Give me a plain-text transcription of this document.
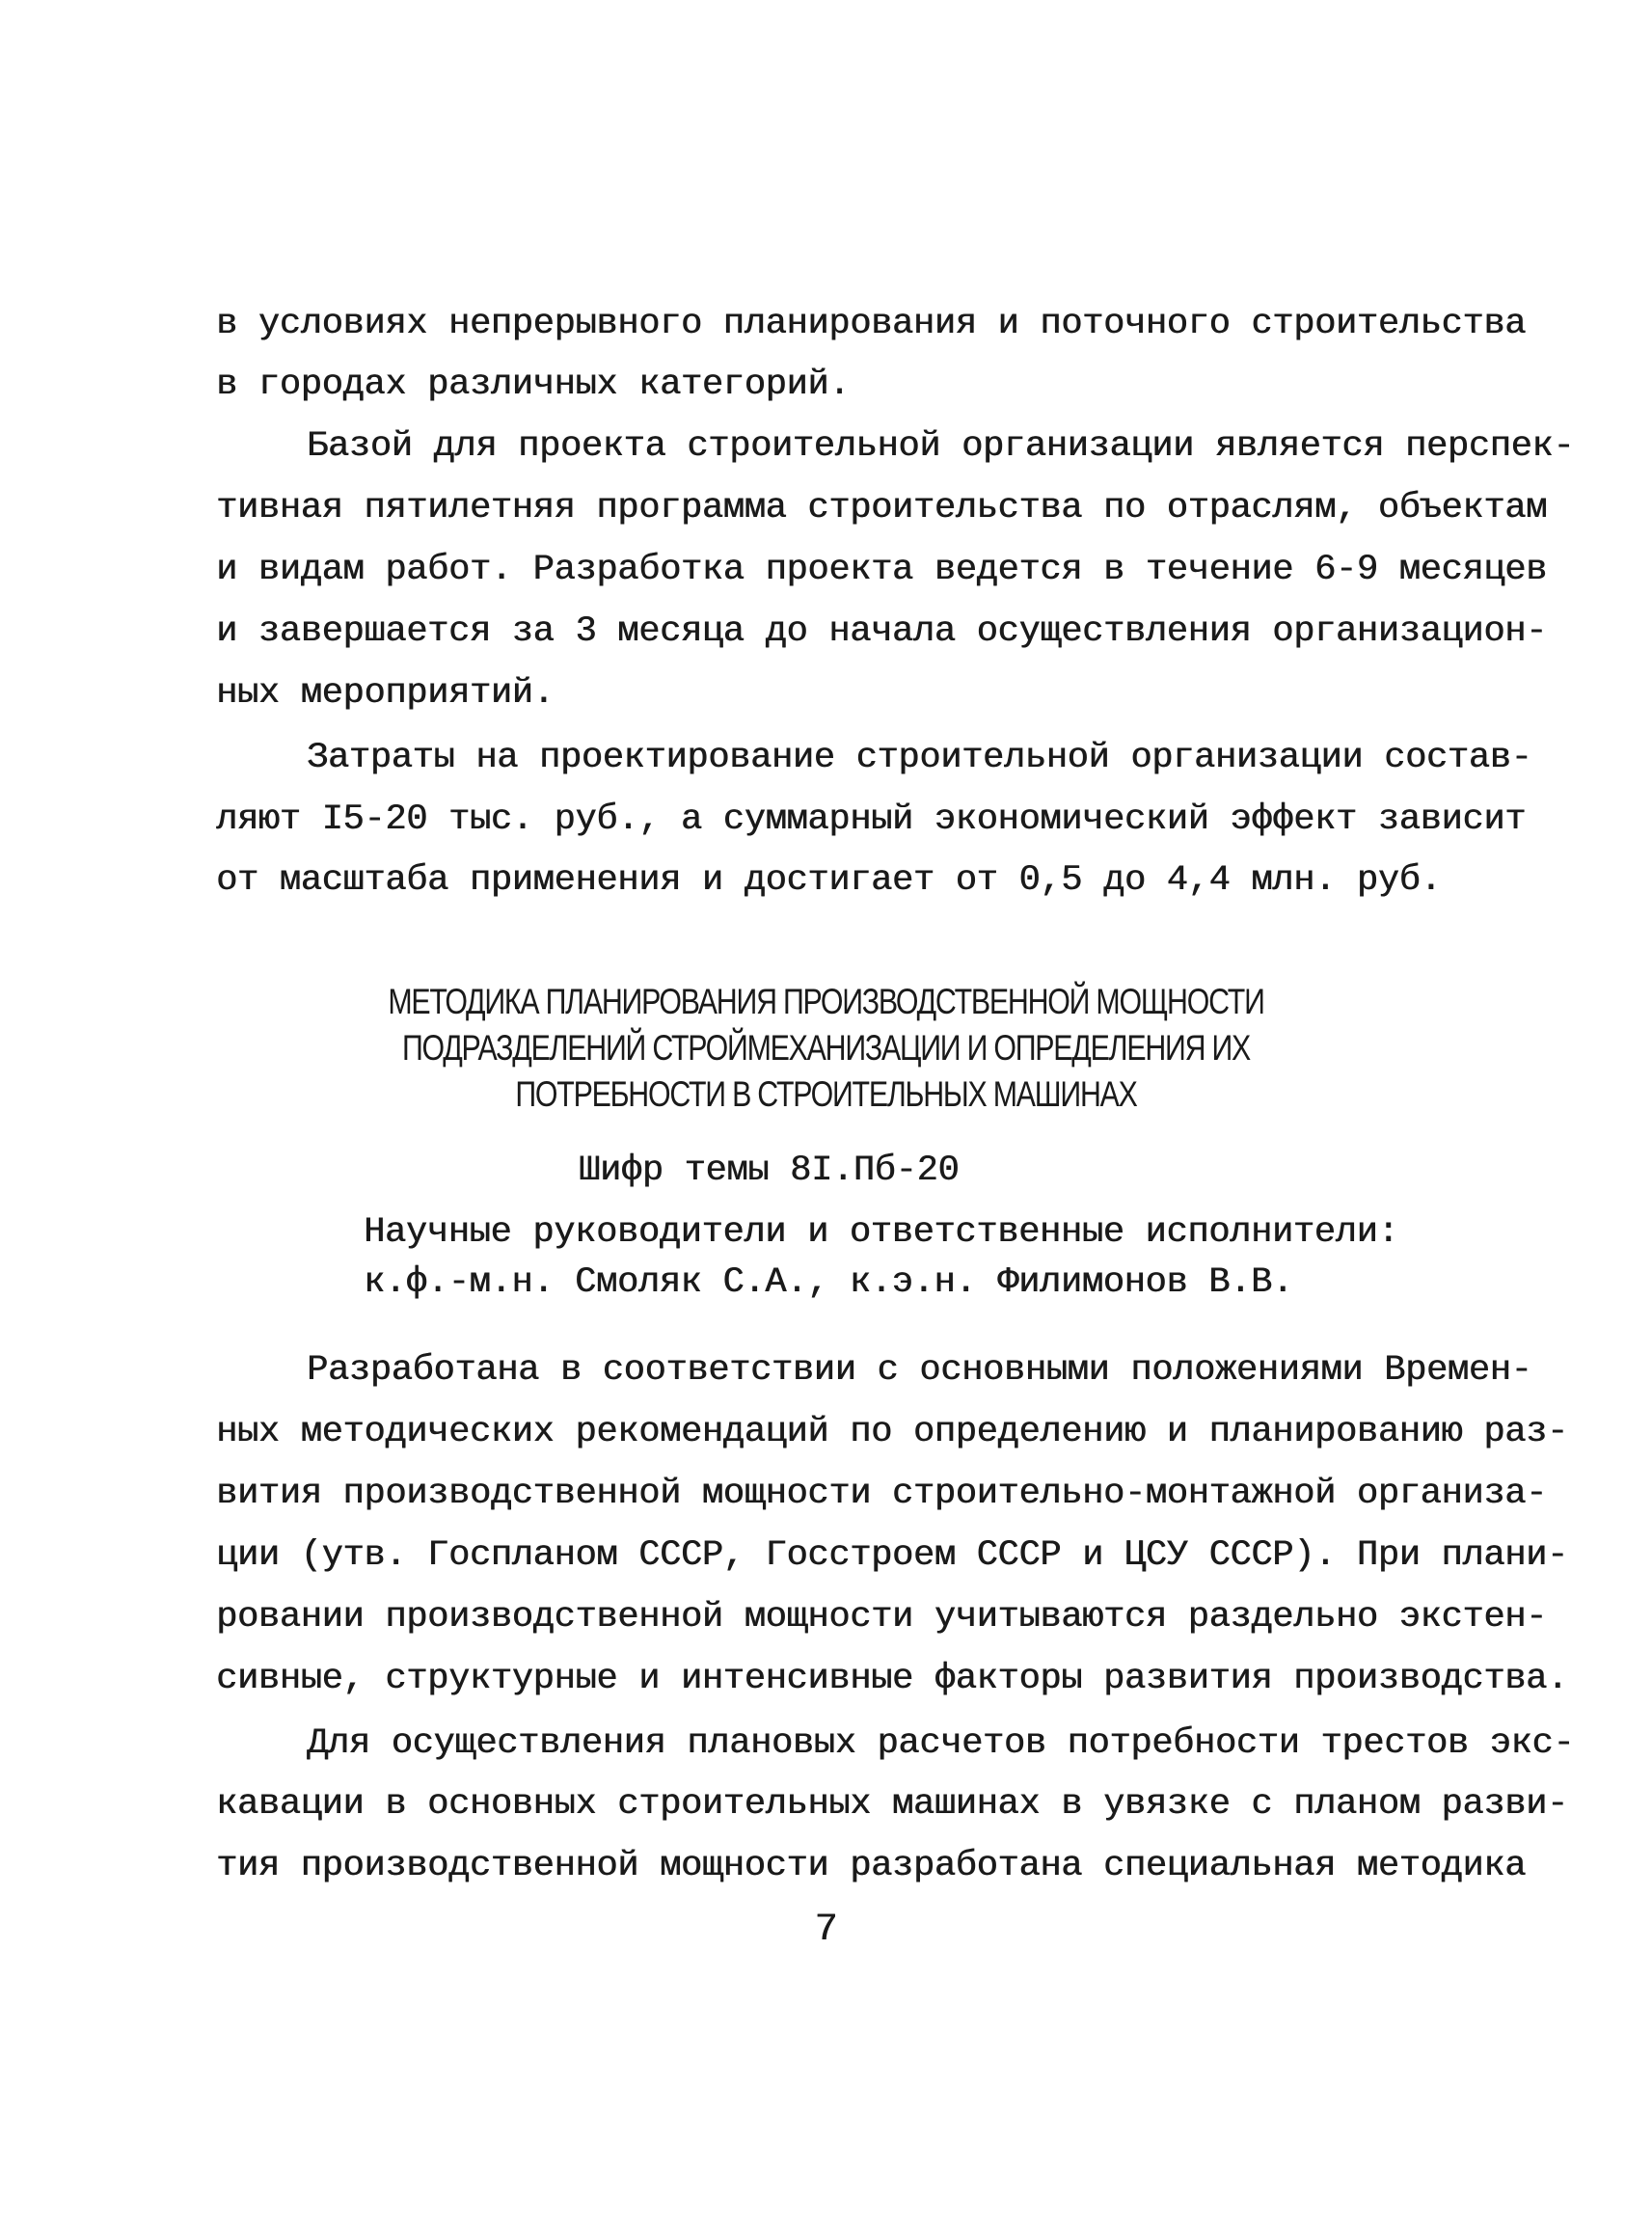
в условиях непрерывного планирования и поточного строительства
в городах различных категорий.
Базой для проекта строительной организации является перспек-
тивная пятилетняя программа строительства по отраслям, объектам
и видам работ. Разработка проекта ведется в течение 6-9 месяцев
и завершается за 3 месяца до начала осуществления организацион-
ных мероприятий.
Затраты на проектирование строительной организации состав-
ляют I5-20 тыс. руб., а суммарный экономический эффект зависит
от масштаба применения и достигает от 0,5 до 4,4 млн. руб.
МЕТОДИКА ПЛАНИРОВАНИЯ ПРОИЗВОДСТВЕННОЙ МОЩНОСТИ
ПОДРАЗДЕЛЕНИЙ СТРОЙМЕХАНИЗАЦИИ И ОПРЕДЕЛЕНИЯ ИХ
ПОТРЕБНОСТИ В СТРОИТЕЛЬНЫХ МАШИНАХ
Шифр темы 8I.Пб-20
Научные руководители и ответственные исполнители:
к.ф.-м.н. Смоляк С.А., к.э.н. Филимонов В.В.
Разработана в соответствии с основными положениями Времен-
ных методических рекомендаций по определению и планированию раз-
вития производственной мощности строительно-монтажной организа-
ции (утв. Госпланом СССР, Госстроем СССР и ЦСУ СССР). При плани-
ровании производственной мощности учитываются раздельно экстен-
сивные, структурные и интенсивные факторы развития производства.
Для осуществления плановых расчетов потребности трестов экс-
кавации в основных строительных машинах в увязке с планом разви-
тия производственной мощности разработана специальная методика
7
